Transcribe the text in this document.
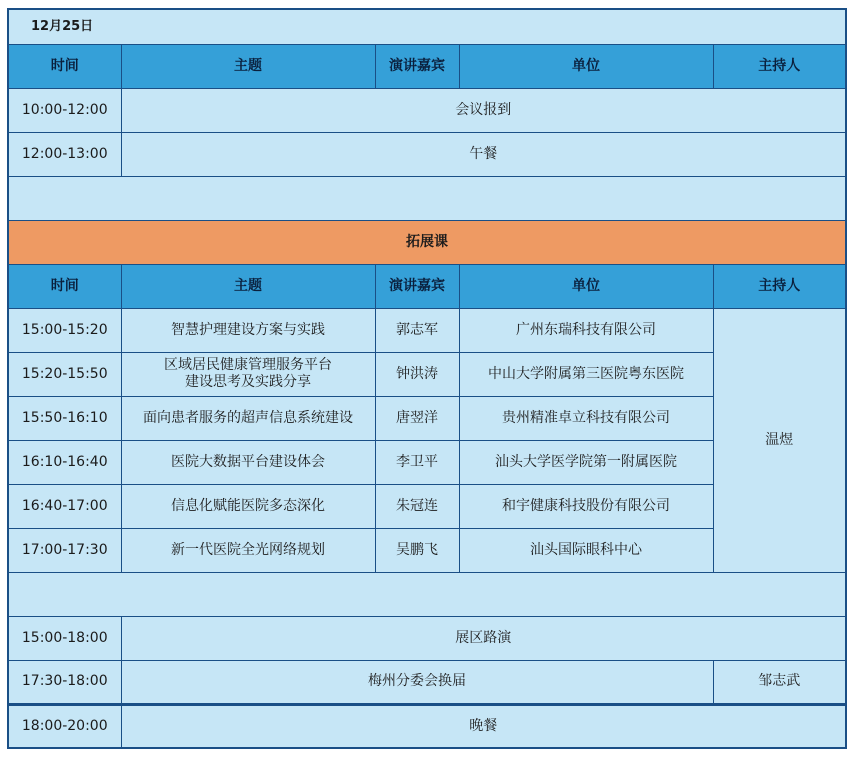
12月25日				
时间	主题	演讲嘉宾	单位	主持人
10:00-12:00	会议报到			
12:00-13:00	午餐			

拓展课				
时间	主题	演讲嘉宾	单位	主持人
15:00-15:20	智慧护理建设方案与实践	郭志军	广州东瑞科技有限公司	温煜
15:20-15:50	区域居民健康管理服务平台
建设思考及实践分享	钟洪涛	中山大学附属第三医院粤东医院	
15:50-16:10	面向患者服务的超声信息系统建设	唐翌洋	贵州精准卓立科技有限公司	
16:10-16:40	医院大数据平台建设体会	李卫平	汕头大学医学院第一附属医院	
16:40-17:00	信息化赋能医院多态深化	朱冠连	和宇健康科技股份有限公司	
17:00-17:30	新一代医院全光网络规划	吴鹏飞	汕头国际眼科中心	

15:00-18:00	展区路演			
17:30-18:00	梅州分委会换届			邹志武
18:00-20:00	晚餐			
